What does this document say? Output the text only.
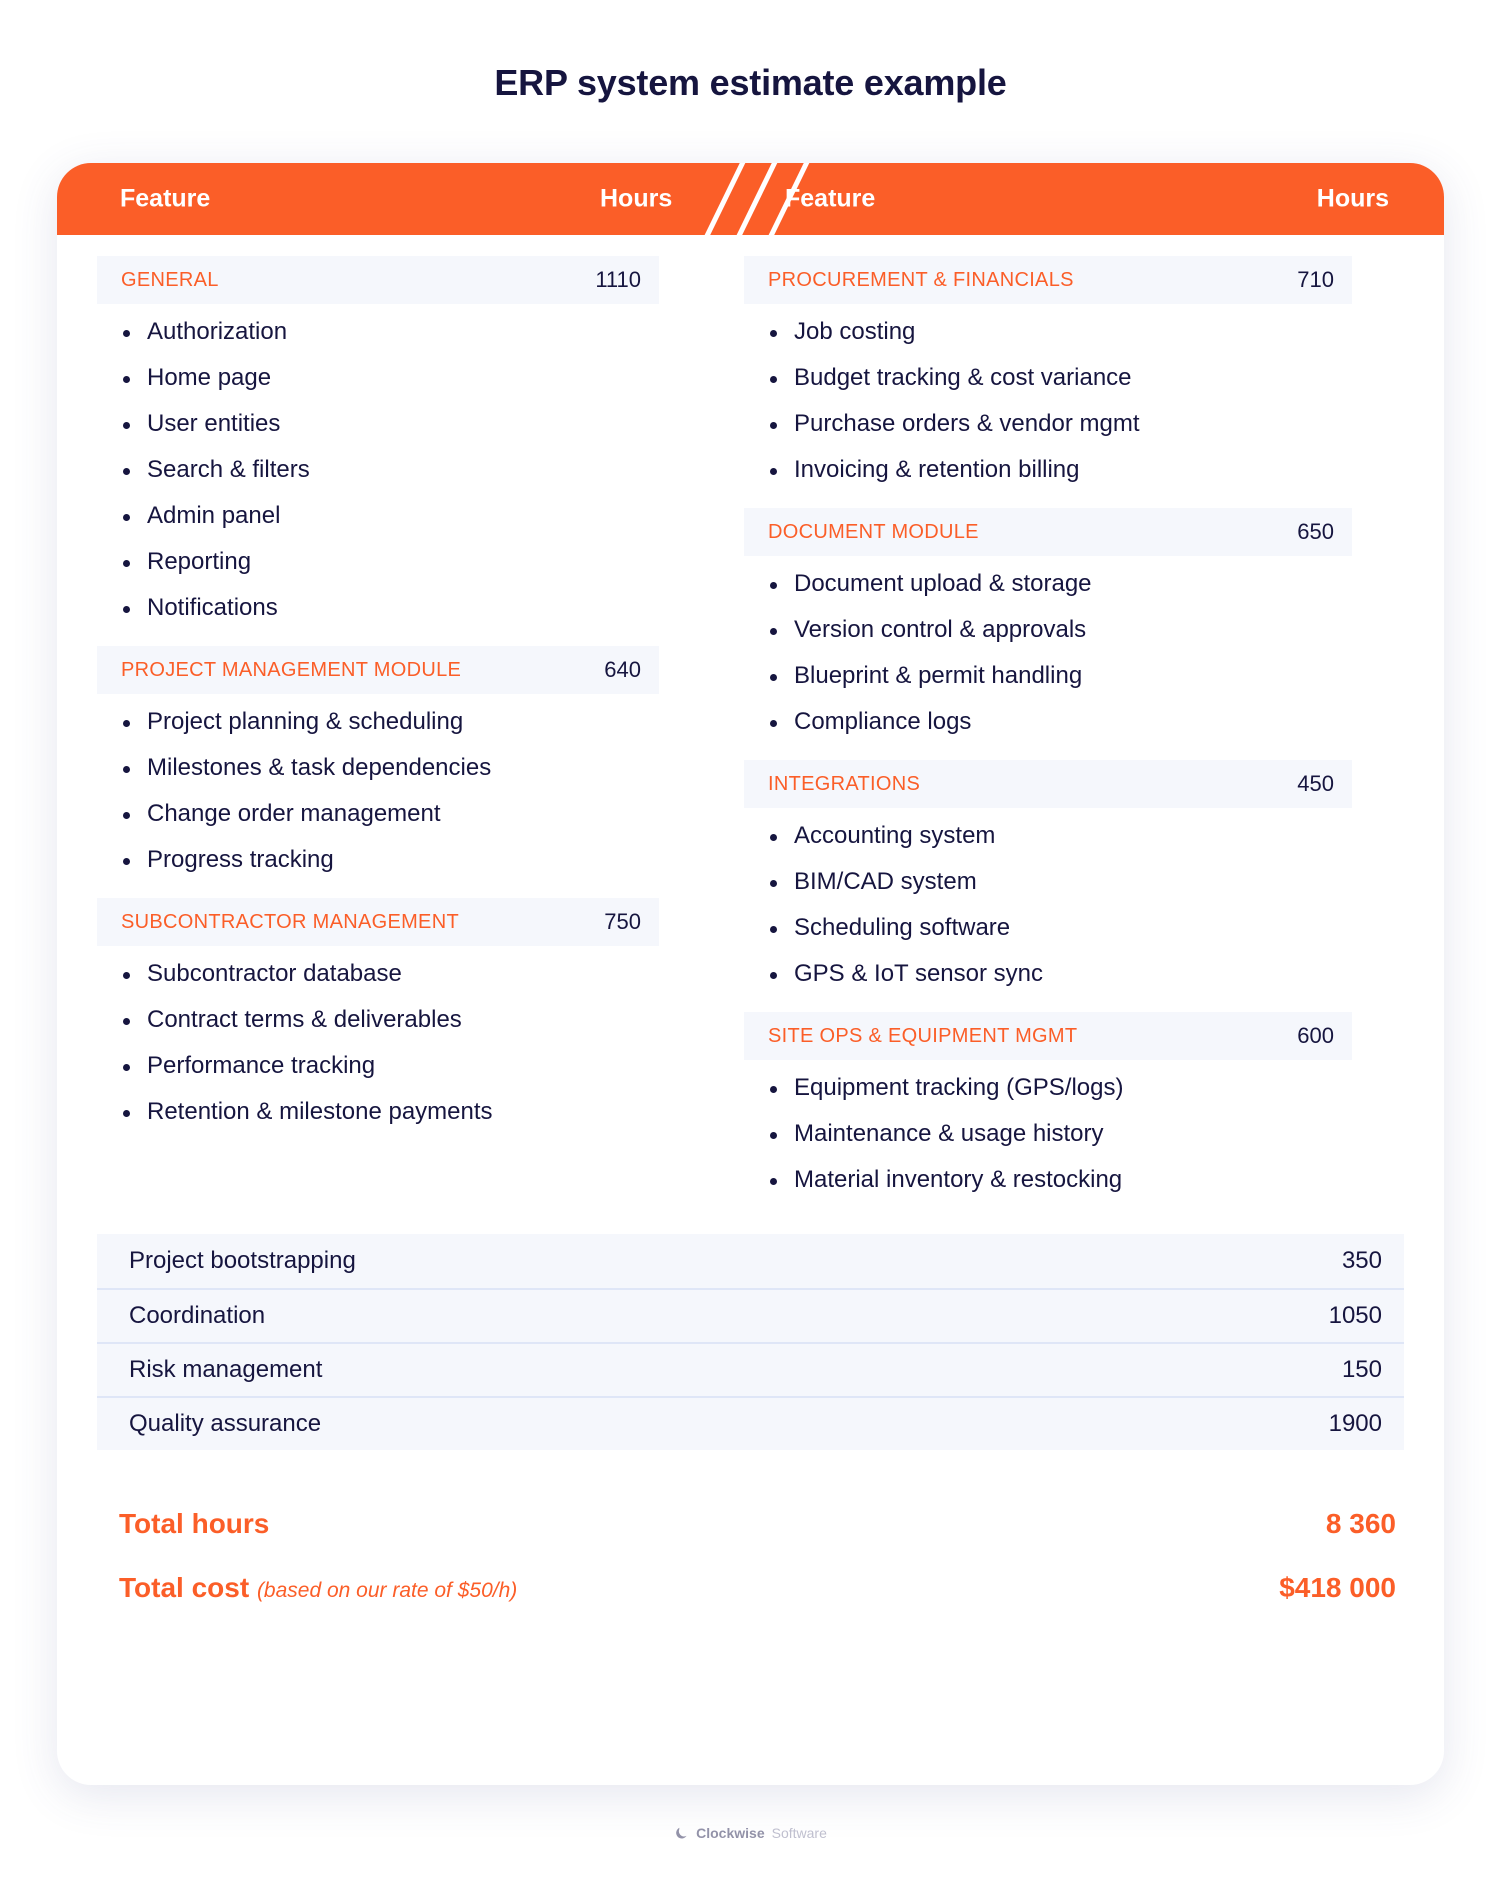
ERP system estimate example
Feature	Hours	Feature	Hours
GENERAL	1110
Authorization
Home page
User entities
Search & filters
Admin panel
Reporting
Notifications
PROJECT MANAGEMENT MODULE	640
Project planning & scheduling
Milestones & task dependencies
Change order management
Progress tracking
SUBCONTRACTOR MANAGEMENT	750
Subcontractor database
Contract terms & deliverables
Performance tracking
Retention & milestone payments
PROCUREMENT & FINANCIALS	710
Job costing
Budget tracking & cost variance
Purchase orders & vendor mgmt
Invoicing & retention billing
DOCUMENT MODULE	650
Document upload & storage
Version control & approvals
Blueprint & permit handling
Compliance logs
INTEGRATIONS	450
Accounting system
BIM/CAD system
Scheduling software
GPS & IoT sensor sync
SITE OPS & EQUIPMENT MGMT	600
Equipment tracking (GPS/logs)
Maintenance & usage history
Material inventory & restocking
Project bootstrapping	350
Coordination	1050
Risk management	150
Quality assurance	1900
Total hours	8 360
Total cost (based on our rate of $50/h)	$418 000
Clockwise Software
